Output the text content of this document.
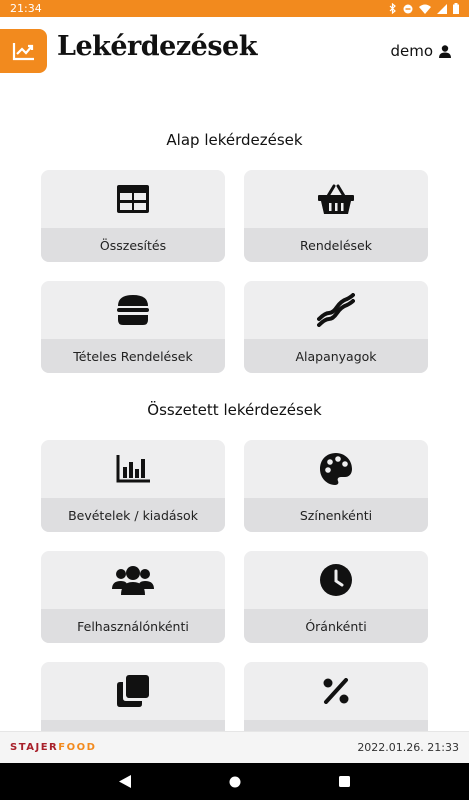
21:34
Lekérdezések	demo
Alap lekérdezések
Összesítés	Rendelések
Tételes Rendelések	Alapanyagok
Összetett lekérdezések
Bevételek / kiadások	Színenkénti
Felhasználónkénti	Óránkénti
STAJERFOOD	2022.01.26. 21:33
